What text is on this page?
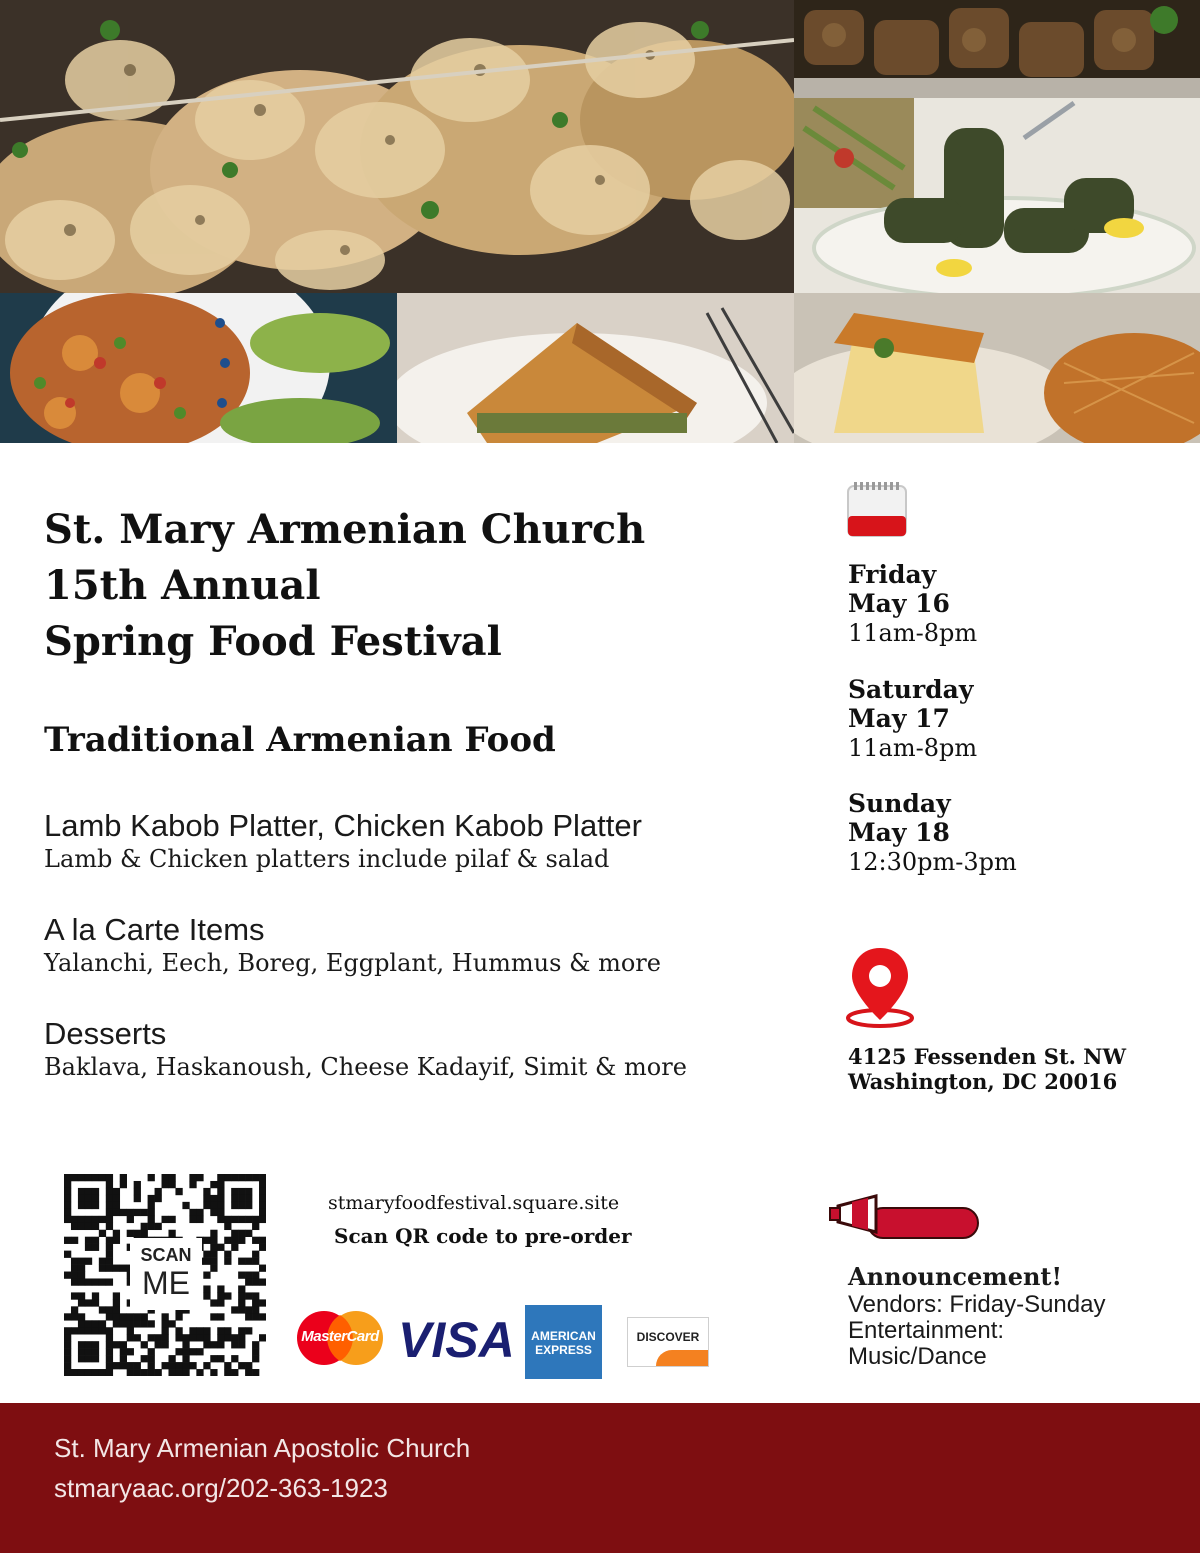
St. Mary Armenian Church
15th Annual
Spring Food Festival
Traditional Armenian Food
Lamb Kabob Platter, Chicken Kabob Platter
Lamb & Chicken platters include pilaf & salad
A la Carte Items
Yalanchi, Eech, Boreg, Eggplant, Hummus & more
Desserts
Baklava, Haskanoush, Cheese Kadayif, Simit & more
Friday
May 16
11am-8pm
Saturday
May 17
11am-8pm
Sunday
May 18
12:30pm-3pm
4125 Fessenden St. NW
Washington, DC 20016
SCAN
ME
stmaryfoodfestival.square.site
Scan QR code to pre-order
MasterCard VISA	AMERICAN
EXPRESS
DISCOVER
Announcement!
Vendors: Friday-Sunday
Entertainment:
Music/Dance
St. Mary Armenian Apostolic Church
stmaryaac.org/202-363-1923
